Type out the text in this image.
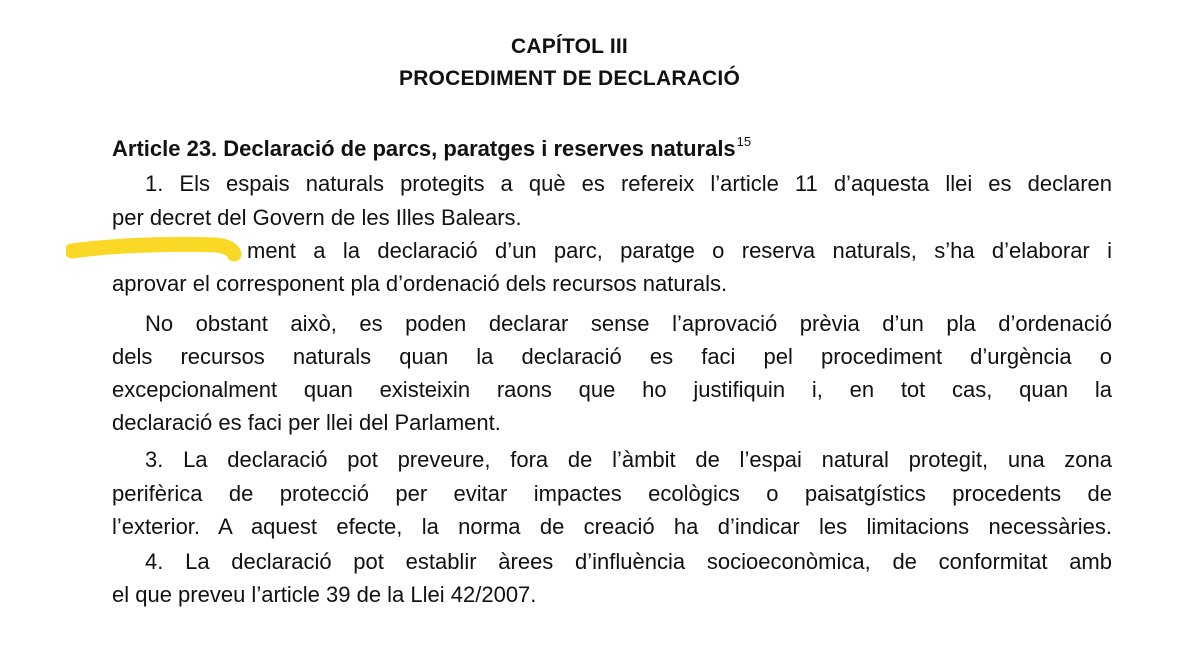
CAPÍTOL III
PROCEDIMENT DE DECLARACIÓ
Article 23. Declaració de parcs, paratges i reserves naturals$^{15}$
1. Els espais naturals protegits a què es refereix l’article 11 d’aquesta llei es declaren
per decret del Govern de les Illes Balears.
ment a la declaració d’un parc, paratge o reserva naturals, s’ha d’elaborar i
aprovar el corresponent pla d’ordenació dels recursos naturals.
No obstant això, es poden declarar sense l’aprovació prèvia d’un pla d’ordenació
dels recursos naturals quan la declaració es faci pel procediment d’urgència o
excepcionalment quan existeixin raons que ho justifiquin i, en tot cas, quan la
declaració es faci per llei del Parlament.
3. La declaració pot preveure, fora de l’àmbit de l’espai natural protegit, una zona
perifèrica de protecció per evitar impactes ecològics o paisatgístics procedents de
l’exterior. A aquest efecte, la norma de creació ha d’indicar les limitacions necessàries.
4. La declaració pot establir àrees d’influència socioeconòmica, de conformitat amb
el que preveu l’article 39 de la Llei 42/2007.
